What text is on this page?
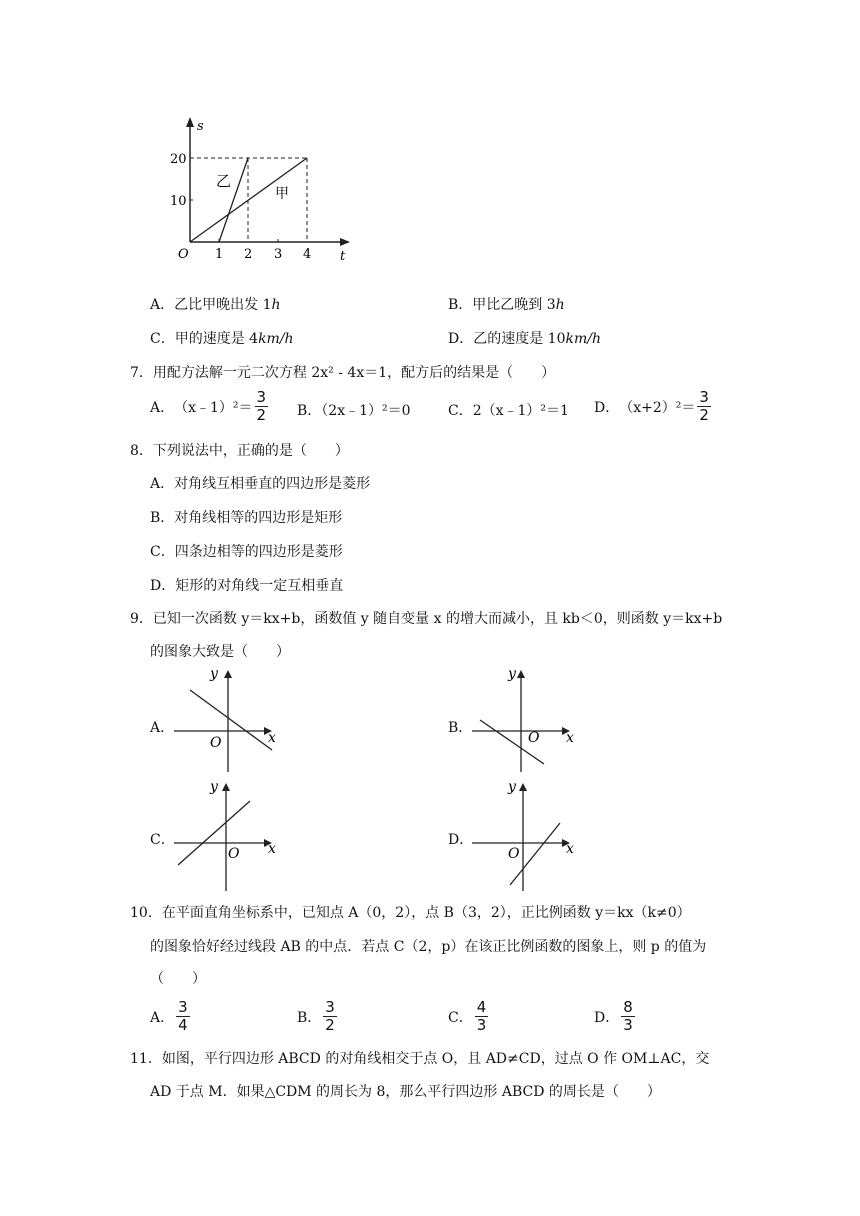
s
t
O
20
10
1 2 3 4
乙
甲
A．乙比甲晚出发 1h	B．甲比乙晚到 3h
C．甲的速度是 4km/h	D．乙的速度是 10km/h
7．用配方法解一元二次方程 2x² ‑ 4x＝1，配方后的结果是（　　）
A． （x﹣1）²＝ $\frac{3}{2}$ B．（2x﹣1）²＝0	C．2（x﹣1）²＝1 D． $(x+2)^2= \frac{3}{2}$
8．下列说法中，正确的是（　　）
A．对角线互相垂直的四边形是菱形
B．对角线相等的四边形是矩形
C．四条边相等的四边形是菱形
D．矩形的对角线一定互相垂直
9．已知一次函数 y＝kx+b，函数值 y 随自变量 x 的增大而减小，且 kb＜0，则函数 y＝kx+b
的图象大致是（　　）
A．
y
x
O
B．
y
x
O
C．
y
x
O
D．
y
x
O
10．在平面直角坐标系中，已知点 A（0，2），点 B（3，2），正比例函数 y＝kx（k≠0）
的图象恰好经过线段 AB 的中点．若点 C（2，p）在该正比例函数的图象上，则 p 的值为
（　　）
A． $\frac{3}{4}$	B． $\frac{3}{2}$	C． $\frac{4}{3}$	D． $\frac{8}{3}$
11．如图，平行四边形 ABCD 的对角线相交于点 O，且 AD≠CD，过点 O 作 OM⊥AC，交
AD 于点 M．如果△CDM 的周长为 8，那么平行四边形 ABCD 的周长是（　　）
